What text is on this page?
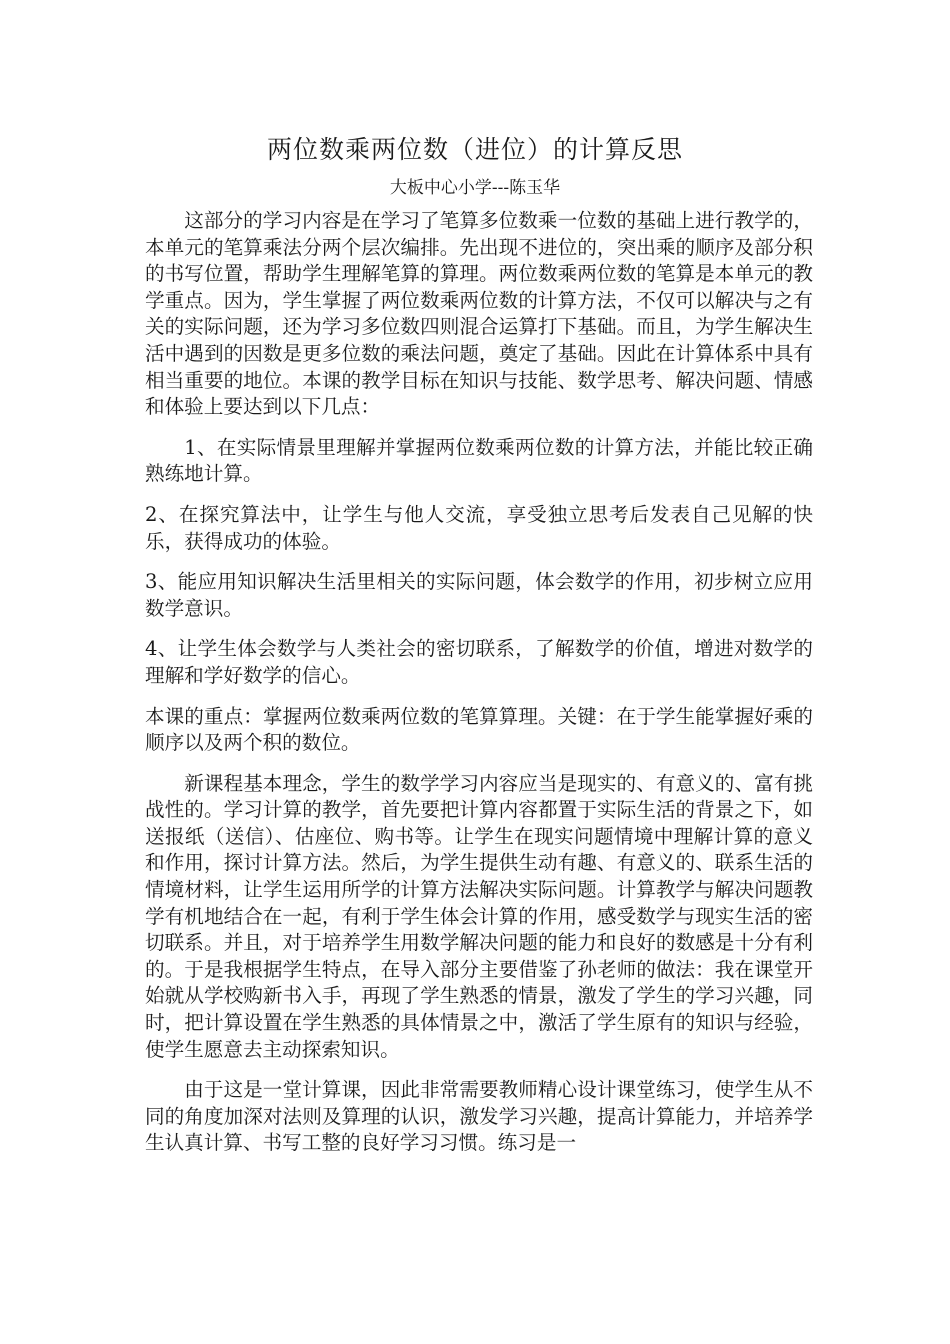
两位数乘两位数（进位）的计算反思
大板中心小学---陈玉华

这部分的学习内容是在学习了笔算多位数乘一位数的基础上进行教学的，本单元的笔算乘法分两个层次编排。先出现不进位的，突出乘的顺序及部分积的书写位置，帮助学生理解笔算的算理。两位数乘两位数的笔算是本单元的教学重点。因为，学生掌握了两位数乘两位数的计算方法，不仅可以解决与之有关的实际问题，还为学习多位数四则混合运算打下基础。而且，为学生解决生活中遇到的因数是更多位数的乘法问题，奠定了基础。因此在计算体系中具有相当重要的地位。本课的教学目标在知识与技能、数学思考、解决问题、情感和体验上要达到以下几点：

1、在实际情景里理解并掌握两位数乘两位数的计算方法，并能比较正确熟练地计算。

2、在探究算法中，让学生与他人交流，享受独立思考后发表自己见解的快乐，获得成功的体验。

3、能应用知识解决生活里相关的实际问题，体会数学的作用，初步树立应用数学意识。

4、让学生体会数学与人类社会的密切联系，了解数学的价值，增进对数学的理解和学好数学的信心。

本课的重点：掌握两位数乘两位数的笔算算理。关键：在于学生能掌握好乘的顺序以及两个积的数位。

新课程基本理念，学生的数学学习内容应当是现实的、有意义的、富有挑战性的。学习计算的教学，首先要把计算内容都置于实际生活的背景之下，如送报纸（送信）、估座位、购书等。让学生在现实问题情境中理解计算的意义和作用，探讨计算方法。然后，为学生提供生动有趣、有意义的、联系生活的情境材料，让学生运用所学的计算方法解决实际问题。计算教学与解决问题教学有机地结合在一起，有利于学生体会计算的作用，感受数学与现实生活的密切联系。并且，对于培养学生用数学解决问题的能力和良好的数感是十分有利的。于是我根据学生特点，在导入部分主要借鉴了孙老师的做法：我在课堂开始就从学校购新书入手，再现了学生熟悉的情景，激发了学生的学习兴趣，同时，把计算设置在学生熟悉的具体情景之中，激活了学生原有的知识与经验，使学生愿意去主动探索知识。

由于这是一堂计算课，因此非常需要教师精心设计课堂练习，使学生从不同的角度加深对法则及算理的认识，激发学习兴趣，提高计算能力，并培养学生认真计算、书写工整的良好学习习惯。练习是一
